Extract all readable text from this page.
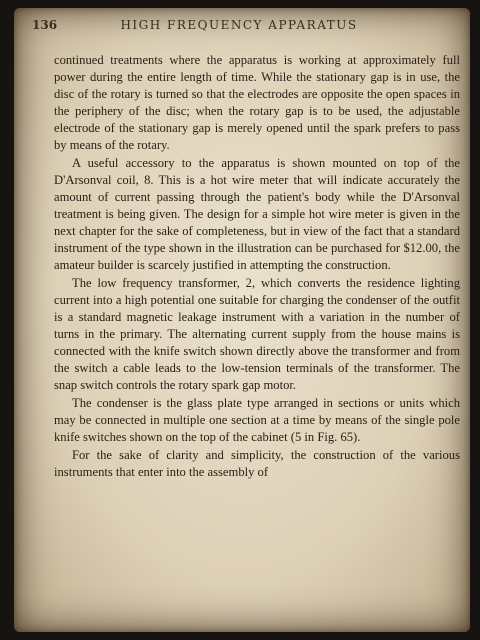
136	HIGH FREQUENCY APPARATUS

continued treatments where the apparatus is working at approximately full power during the entire length of time. While the stationary gap is in use, the disc of the rotary is turned so that the electrodes are opposite the open spaces in the periphery of the disc; when the rotary gap is to be used, the adjustable electrode of the stationary gap is merely opened until the spark prefers to pass by means of the rotary.

A useful accessory to the apparatus is shown mounted on top of the D'Arsonval coil, 8. This is a hot wire meter that will indicate accurately the amount of current passing through the patient's body while the D'Arsonval treatment is being given. The design for a simple hot wire meter is given in the next chapter for the sake of completeness, but in view of the fact that a standard instrument of the type shown in the illustration can be purchased for $12.00, the amateur builder is scarcely justified in attempting the construction.

The low frequency transformer, 2, which converts the residence lighting current into a high potential one suitable for charging the condenser of the outfit is a standard magnetic leakage instrument with a variation in the number of turns in the primary. The alternating current supply from the house mains is connected with the knife switch shown directly above the transformer and from the switch a cable leads to the low-tension terminals of the transformer. The snap switch controls the rotary spark gap motor.

The condenser is the glass plate type arranged in sections or units which may be connected in multiple one section at a time by means of the single pole knife switches shown on the top of the cabinet (5 in Fig. 65).

For the sake of clarity and simplicity, the construction of the various instruments that enter into the assembly of
